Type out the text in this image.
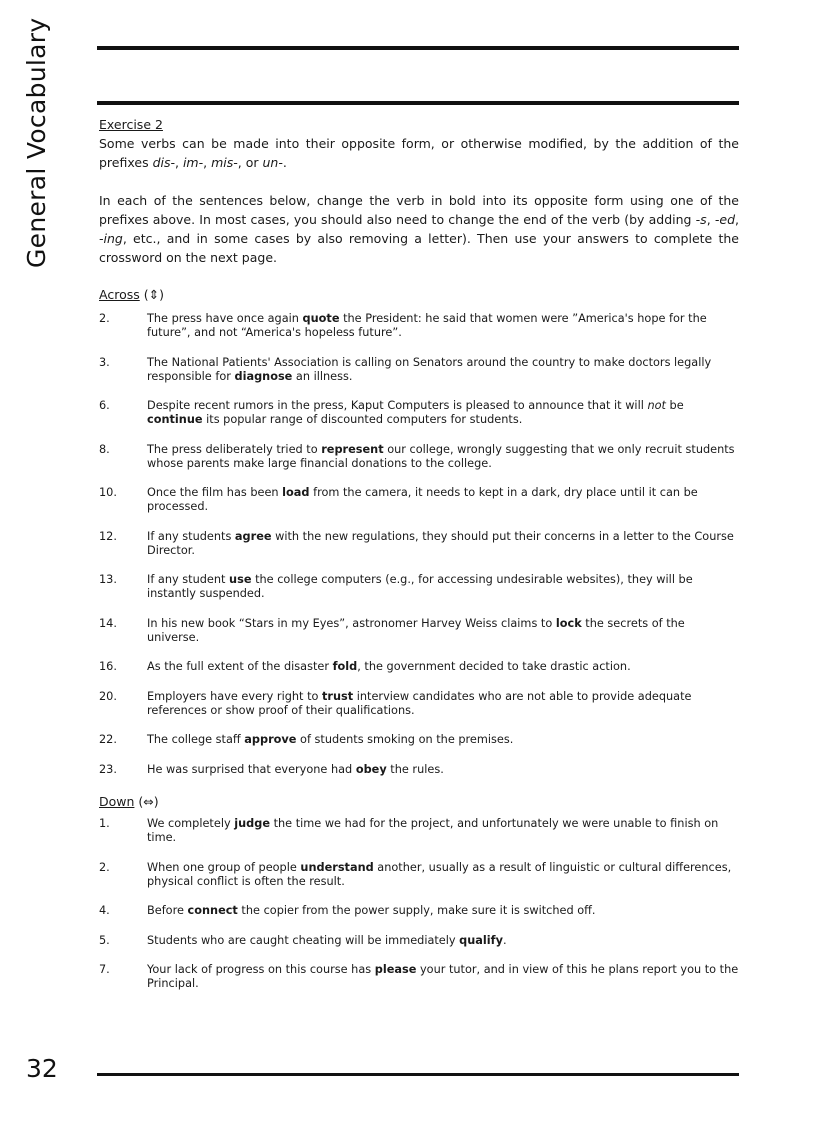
General Vocabulary
32

Exercise 2

Some verbs can be made into their opposite form, or otherwise modified, by the addition of the prefixes dis-, im-, mis-, or un-.

In each of the sentences below, change the verb in bold into its opposite form using one of the prefixes above. In most cases, you should also need to change the end of the verb (by adding -s, -ed, -ing, etc., and in some cases by also removing a letter). Then use your answers to complete the crossword on the next page.

Across (⇕)
2.	The press have once again quote the President: he said that women were ”America's hope for the future”, and not “America's hopeless future”.
3.	The National Patients' Association is calling on Senators around the country to make doctors legally responsible for diagnose an illness.
6.	Despite recent rumors in the press, Kaput Computers is pleased to announce that it will not be continue its popular range of discounted computers for students.
8.	The press deliberately tried to represent our college, wrongly suggesting that we only recruit students whose parents make large financial donations to the college.
10.	Once the film has been load from the camera, it needs to kept in a dark, dry place until it can be processed.
12.	If any students agree with the new regulations, they should put their concerns in a letter to the Course Director.
13.	If any student use the college computers (e.g., for accessing undesirable websites), they will be instantly suspended.
14.	In his new book “Stars in my Eyes”, astronomer Harvey Weiss claims to lock the secrets of the universe.
16.	As the full extent of the disaster fold, the government decided to take drastic action.
20.	Employers have every right to trust interview candidates who are not able to provide adequate references or show proof of their qualifications.
22.	The college staff approve of students smoking on the premises.
23.	He was surprised that everyone had obey the rules.
Down (⇔)
1.	We completely judge the time we had for the project, and unfortunately we were unable to finish on time.
2.	When one group of people understand another, usually as a result of linguistic or cultural differences, physical conflict is often the result.
4.	Before connect the copier from the power supply, make sure it is switched off.
5.	Students who are caught cheating will be immediately qualify.
7.	Your lack of progress on this course has please your tutor, and in view of this he plans report you to the Principal.
